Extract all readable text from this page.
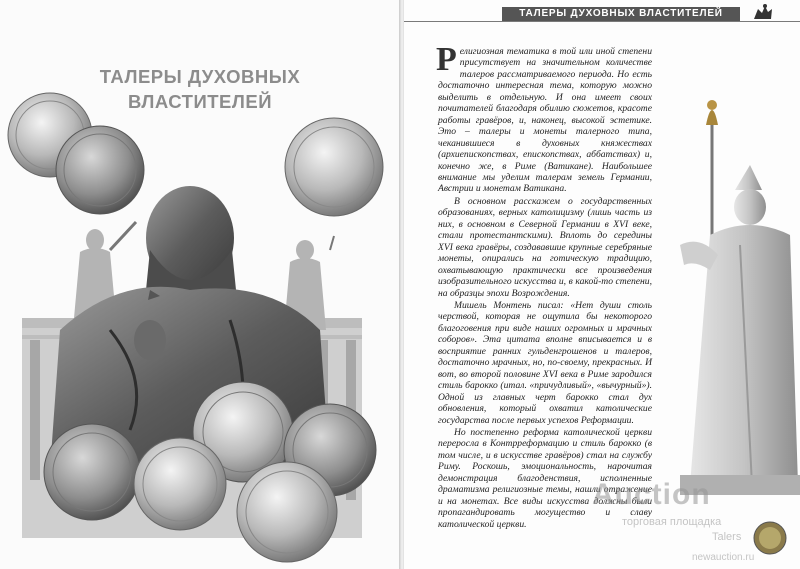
ТАЛЕРЫ ДУХОВНЫХ
ВЛАСТИТЕЛЕЙ
ТАЛЕРЫ ДУХОВНЫХ ВЛАСТИТЕЛЕЙ

Религиозная тематика в той или иной степени присутствует на значительном количестве талеров рассматриваемого периода. Но есть достаточно интересная тема, которую можно выделить в отдельную. И она имеет своих почитателей благодаря обилию сюжетов, красоте работы гравёров, и, наконец, высокой эстетике. Это – талеры и монеты талерного типа, чеканившиеся в духовных княжествах (архиепископствах, епископствах, аббатствах) и, конечно же, в Риме (Ватикане). Наибольшее внимание мы уделим талерам земель Германии, Австрии и монетам Ватикана.

В основном расскажем о государственных образованиях, верных католицизму (лишь часть из них, в основном в Северной Германии в XVI веке, стали протестантскими). Вплоть до середины XVI века гравёры, создававшие крупные серебряные монеты, опирались на готическую традицию, охватывающую практически все произведения изобразительного искусства и, в какой-то степени, на образцы эпохи Возрождения.

Мишель Монтень писал: «Нет души столь черствой, которая не ощутила бы некоторого благоговения при виде наших огромных и мрачных соборов». Эта цитата вполне вписывается и в восприятие ранних гульденгрошенов и талеров, достаточно мрачных, но, по-своему, прекрасных. И вот, во второй половине XVI века в Риме зародился стиль барокко (итал. «причудливый», «вычурный»). Одной из главных черт барокко стал дух обновления, который охватил католические государства после первых успехов Реформации.

Но постепенно реформа католической церкви переросла в Контрреформацию и стиль барокко (в том числе, и в искусстве гравёров) стал на службу Риму. Роскошь, эмоциональность, нарочитая демонстрация благоденствия, исполненные драматизма религиозные темы, нашли отражение и на монетах. Все виды искусства должны были пропагандировать могущество и славу католической церкви.

Auction
торговая площадка
Talers
newauction.ru
